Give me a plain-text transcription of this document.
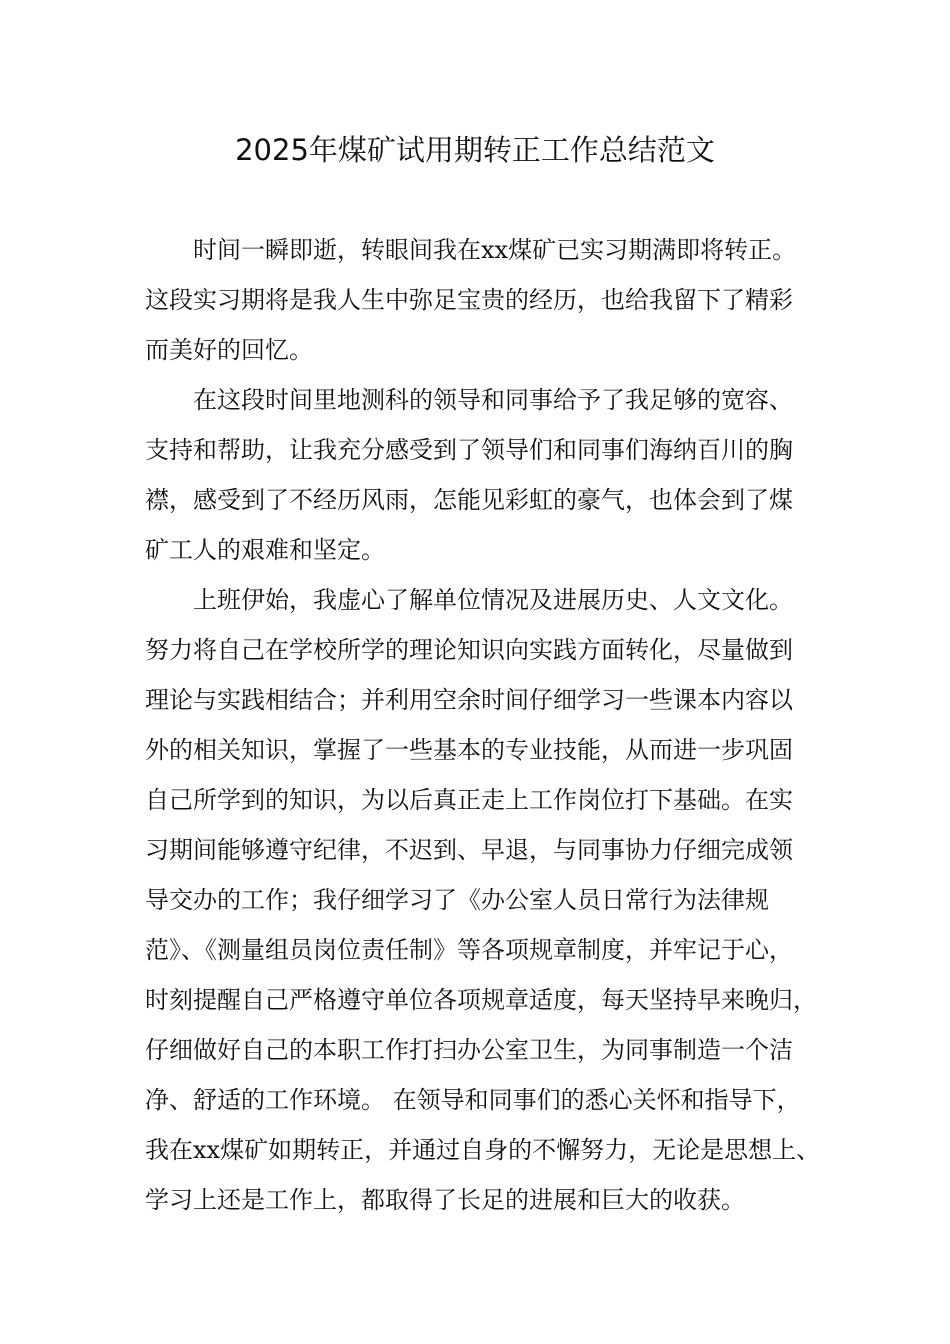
2025年煤矿试用期转正工作总结范文
　　时间一瞬即逝，转眼间我在xx煤矿已实习期满即将转正。
这段实习期将是我人生中弥足宝贵的经历，也给我留下了精彩
而美好的回忆。
　　在这段时间里地测科的领导和同事给予了我足够的宽容、
支持和帮助，让我充分感受到了领导们和同事们海纳百川的胸
襟，感受到了不经历风雨，怎能见彩虹的豪气，也体会到了煤
矿工人的艰难和坚定。
　　上班伊始，我虚心了解单位情况及进展历史、人文文化。
努力将自己在学校所学的理论知识向实践方面转化，尽量做到
理论与实践相结合；并利用空余时间仔细学习一些课本内容以
外的相关知识，掌握了一些基本的专业技能，从而进一步巩固
自己所学到的知识，为以后真正走上工作岗位打下基础。在实
习期间能够遵守纪律，不迟到、早退，与同事协力仔细完成领
导交办的工作；我仔细学习了《办公室人员日常行为法律规
范》、《测量组员岗位责任制》等各项规章制度，并牢记于心，
时刻提醒自己严格遵守单位各项规章适度，每天坚持早来晚归，
仔细做好自己的本职工作打扫办公室卫生，为同事制造一个洁
净、舒适的工作环境。 在领导和同事们的悉心关怀和指导下，
我在xx煤矿如期转正，并通过自身的不懈努力，无论是思想上、
学习上还是工作上，都取得了长足的进展和巨大的收获。
